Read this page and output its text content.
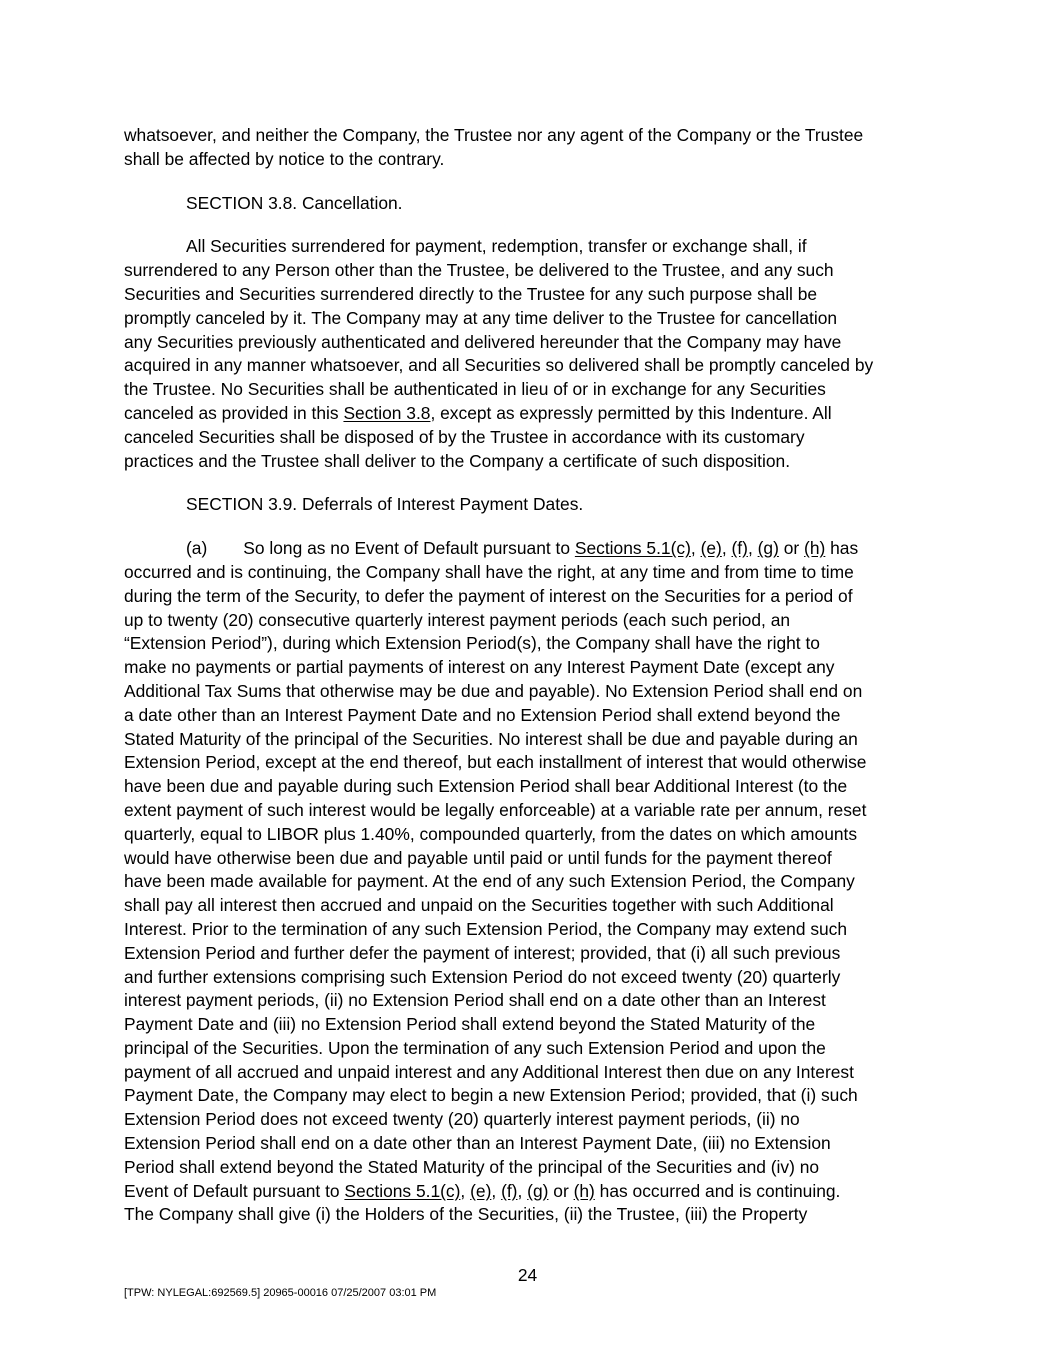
whatsoever, and neither the Company, the Trustee nor any agent of the Company or the Trustee
shall be affected by notice to the contrary.
SECTION 3.8. Cancellation.
All Securities surrendered for payment, redemption, transfer or exchange shall, if
surrendered to any Person other than the Trustee, be delivered to the Trustee, and any such
Securities and Securities surrendered directly to the Trustee for any such purpose shall be
promptly canceled by it. The Company may at any time deliver to the Trustee for cancellation
any Securities previously authenticated and delivered hereunder that the Company may have
acquired in any manner whatsoever, and all Securities so delivered shall be promptly canceled by
the Trustee. No Securities shall be authenticated in lieu of or in exchange for any Securities
canceled as provided in this Section 3.8, except as expressly permitted by this Indenture. All
canceled Securities shall be disposed of by the Trustee in accordance with its customary
practices and the Trustee shall deliver to the Company a certificate of such disposition.
SECTION 3.9. Deferrals of Interest Payment Dates.
(a) So long as no Event of Default pursuant to Sections 5.1(c), (e), (f), (g) or (h) has
occurred and is continuing, the Company shall have the right, at any time and from time to time
during the term of the Security, to defer the payment of interest on the Securities for a period of
up to twenty (20) consecutive quarterly interest payment periods (each such period, an
“Extension Period”), during which Extension Period(s), the Company shall have the right to
make no payments or partial payments of interest on any Interest Payment Date (except any
Additional Tax Sums that otherwise may be due and payable). No Extension Period shall end on
a date other than an Interest Payment Date and no Extension Period shall extend beyond the
Stated Maturity of the principal of the Securities. No interest shall be due and payable during an
Extension Period, except at the end thereof, but each installment of interest that would otherwise
have been due and payable during such Extension Period shall bear Additional Interest (to the
extent payment of such interest would be legally enforceable) at a variable rate per annum, reset
quarterly, equal to LIBOR plus 1.40%, compounded quarterly, from the dates on which amounts
would have otherwise been due and payable until paid or until funds for the payment thereof
have been made available for payment. At the end of any such Extension Period, the Company
shall pay all interest then accrued and unpaid on the Securities together with such Additional
Interest. Prior to the termination of any such Extension Period, the Company may extend such
Extension Period and further defer the payment of interest; provided, that (i) all such previous
and further extensions comprising such Extension Period do not exceed twenty (20) quarterly
interest payment periods, (ii) no Extension Period shall end on a date other than an Interest
Payment Date and (iii) no Extension Period shall extend beyond the Stated Maturity of the
principal of the Securities. Upon the termination of any such Extension Period and upon the
payment of all accrued and unpaid interest and any Additional Interest then due on any Interest
Payment Date, the Company may elect to begin a new Extension Period; provided, that (i) such
Extension Period does not exceed twenty (20) quarterly interest payment periods, (ii) no
Extension Period shall end on a date other than an Interest Payment Date, (iii) no Extension
Period shall extend beyond the Stated Maturity of the principal of the Securities and (iv) no
Event of Default pursuant to Sections 5.1(c), (e), (f), (g) or (h) has occurred and is continuing.
The Company shall give (i) the Holders of the Securities, (ii) the Trustee, (iii) the Property
24
[TPW: NYLEGAL:692569.5] 20965-00016 07/25/2007 03:01 PM
